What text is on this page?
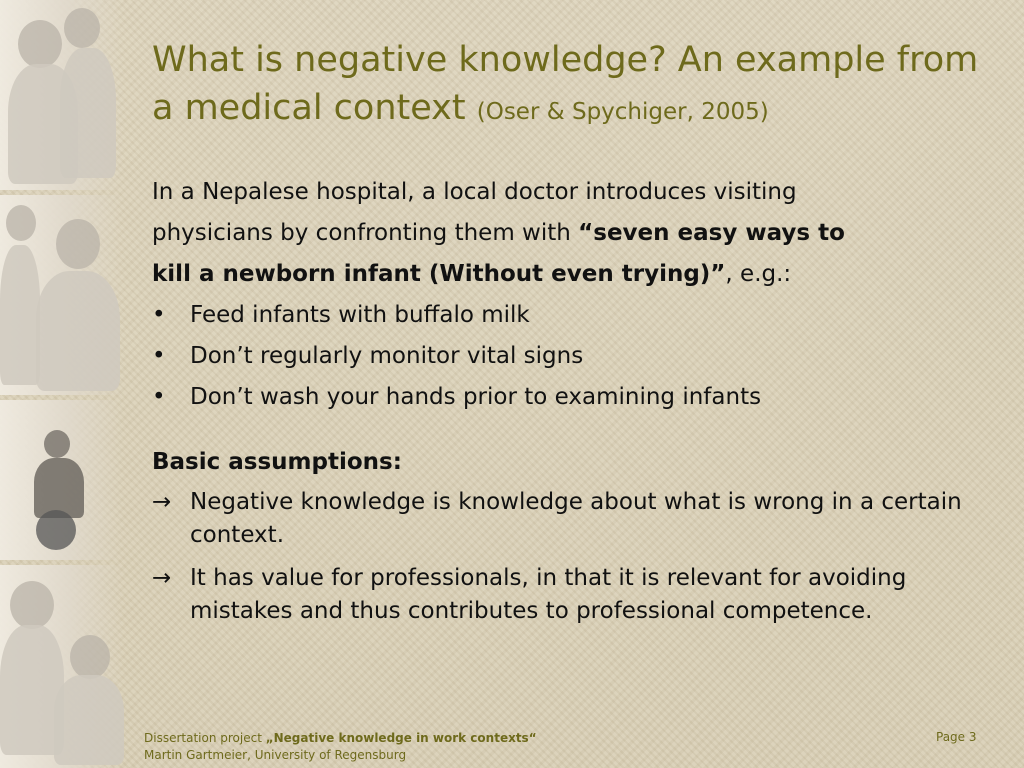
What is negative knowledge? An example from a medical context (Oser & Spychiger, 2005)
In a Nepalese hospital, a local doctor introduces visiting
physicians by confronting them with “seven easy ways to
kill a newborn infant (Without even trying)”, e.g.:
•	Feed infants with buffalo milk
•	Don’t regularly monitor vital signs
•	Don’t wash your hands prior to examining infants
Basic assumptions:
→ Negative knowledge is knowledge about what is wrong in a certain context.
→ It has value for professionals, in that it is relevant for avoiding mistakes and thus contributes to professional competence.
Dissertation project „Negative knowledge in work contexts“
Martin Gartmeier, University of Regensburg
Page 3
